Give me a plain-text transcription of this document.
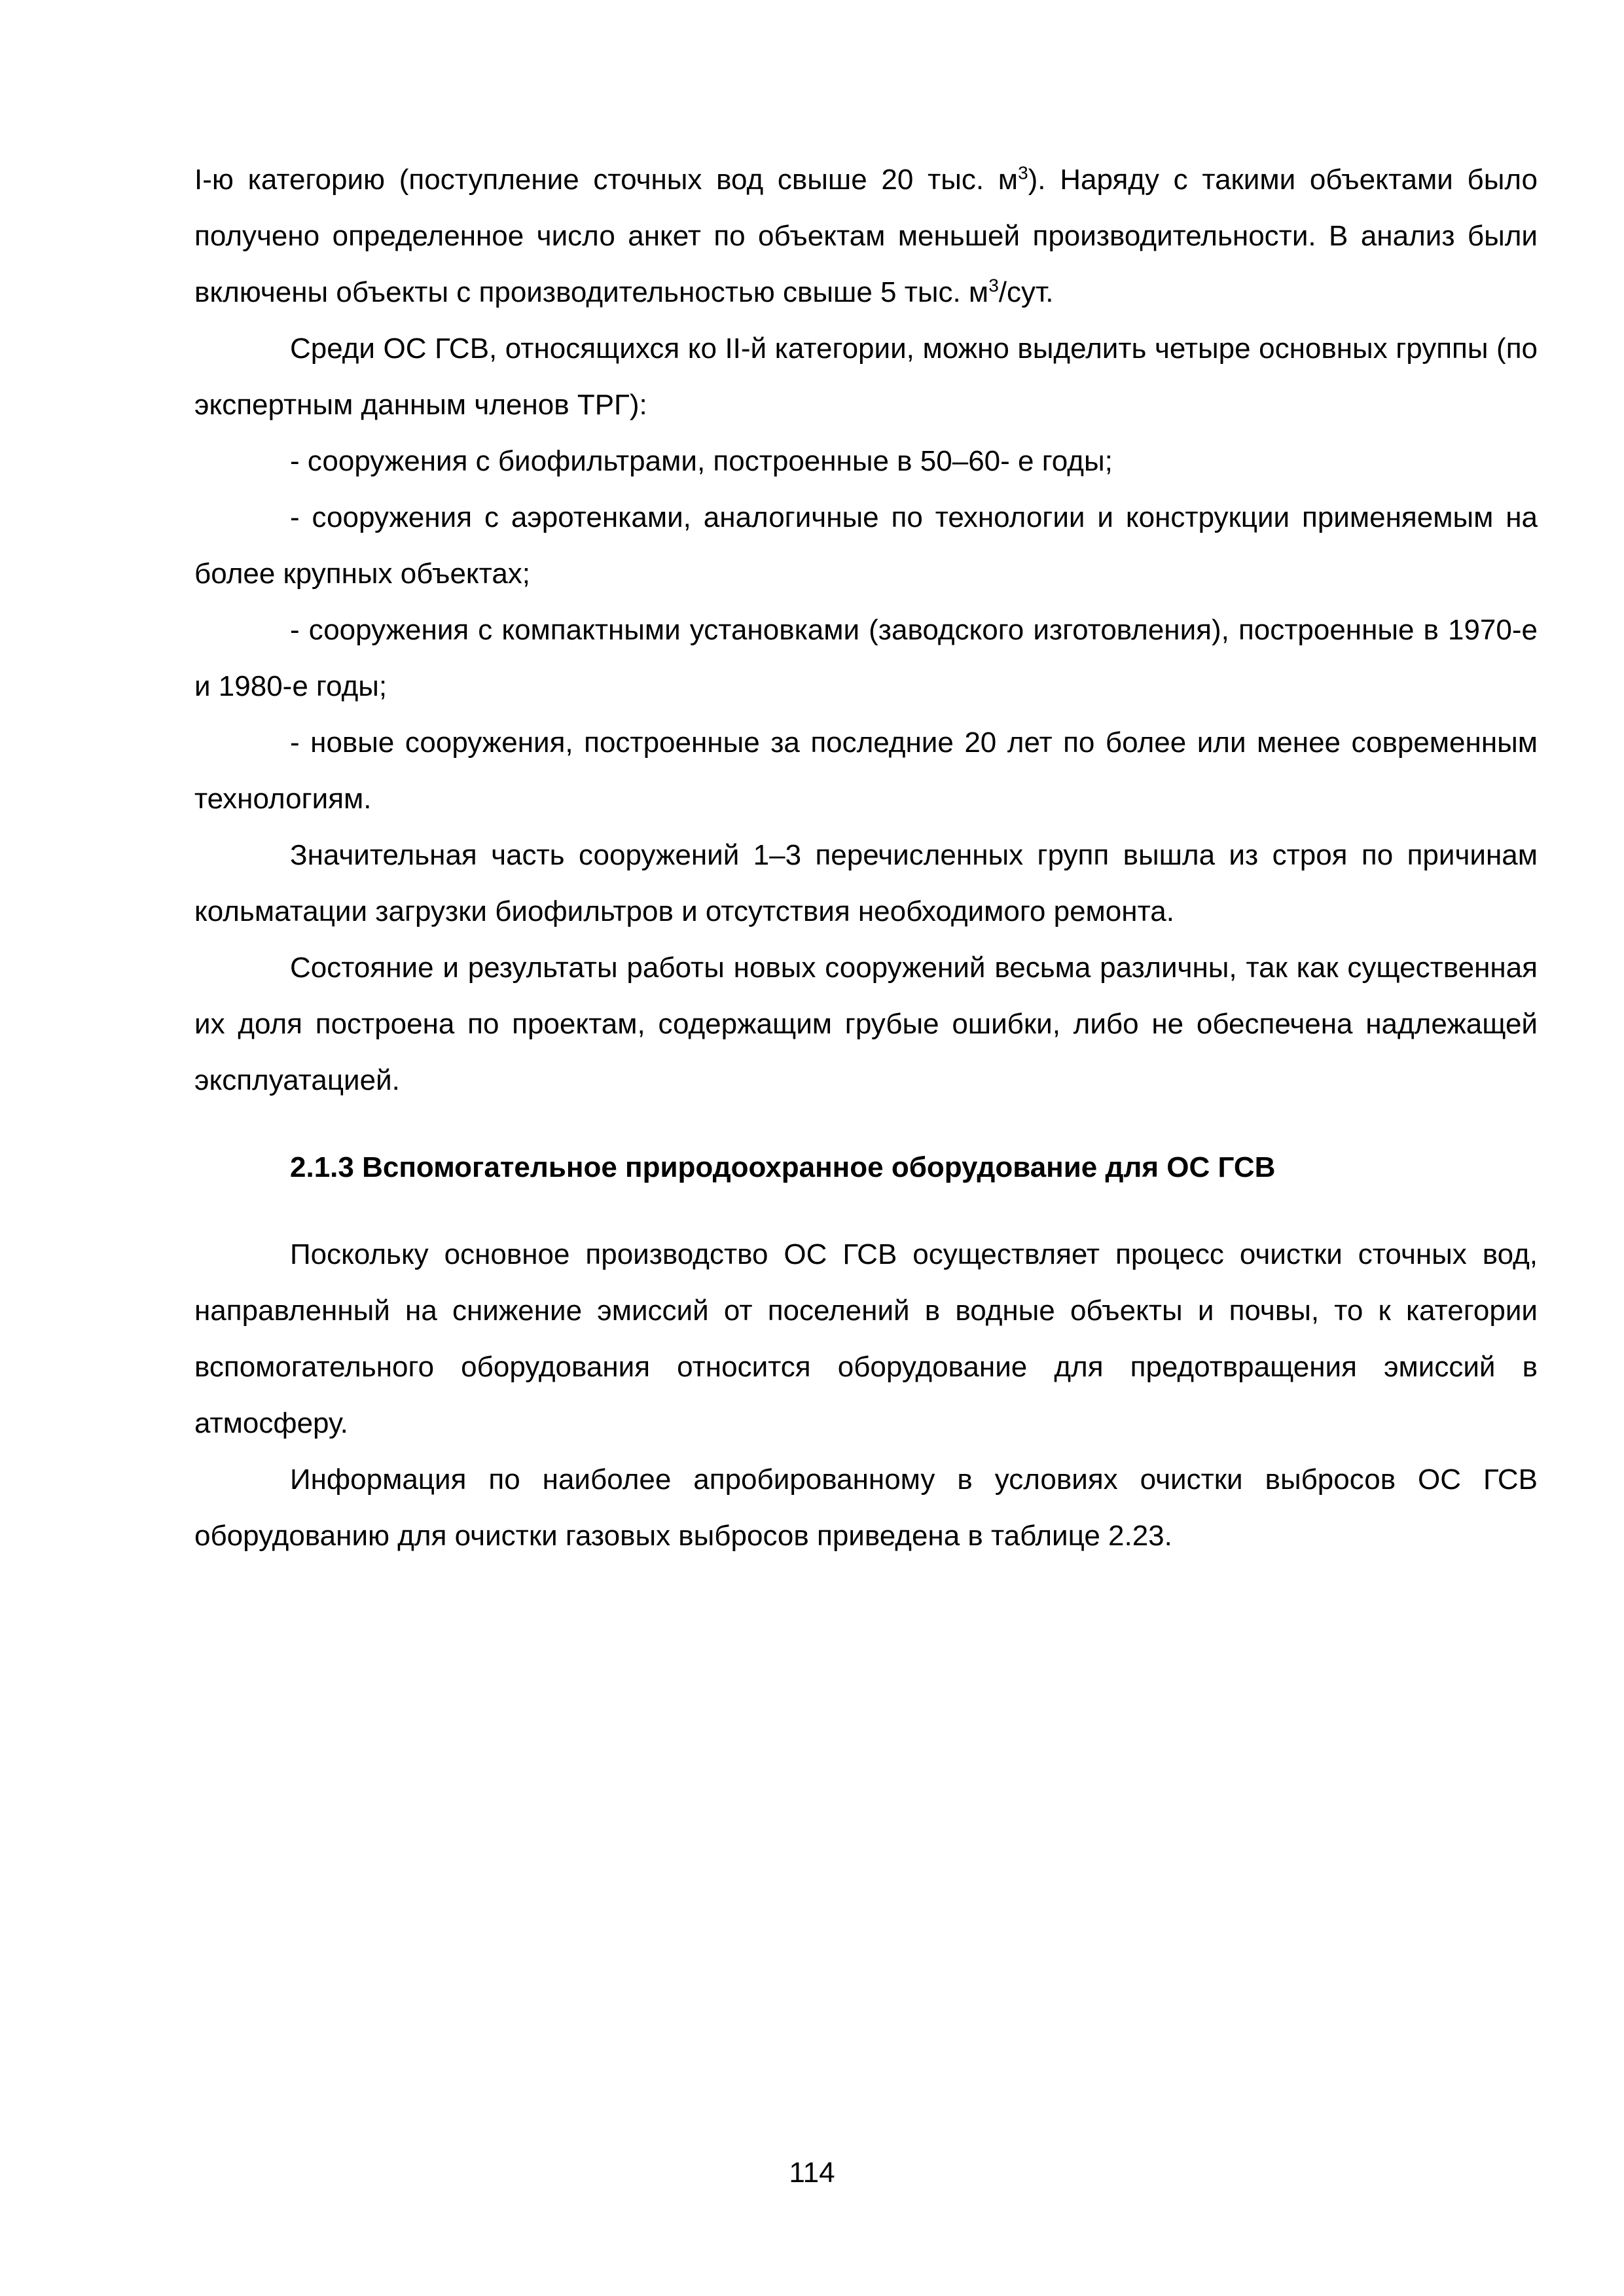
I-ю категорию (поступление сточных вод свыше 20 тыс. $м^3$). Наряду с такими объектами было получено определенное число анкет по объектам меньшей производительности. В анализ были включены объекты с производительностью свыше 5 тыс. $м^3$/сут.

Среди ОС ГСВ, относящихся ко II-й категории, можно выделить четыре основных группы (по экспертным данным членов ТРГ):

- сооружения с биофильтрами, построенные в 50–60- е годы;

- сооружения с аэротенками, аналогичные по технологии и конструкции применяемым на более крупных объектах;

- сооружения с компактными установками (заводского изготовления), построенные в 1970-е и 1980-е годы;

- новые сооружения, построенные за последние 20 лет по более или менее современным технологиям.

Значительная часть сооружений 1–3 перечисленных групп вышла из строя по причинам кольматации загрузки биофильтров и отсутствия необходимого ремонта.

Состояние и результаты работы новых сооружений весьма различны, так как существенная их доля построена по проектам, содержащим грубые ошибки, либо не обеспечена надлежащей эксплуатацией.

2.1.3 Вспомогательное природоохранное оборудование для ОС ГСВ

Поскольку основное производство ОС ГСВ осуществляет процесс очистки сточных вод, направленный на снижение эмиссий от поселений в водные объекты и почвы, то к категории вспомогательного оборудования относится оборудование для предотвращения эмиссий в атмосферу.

Информация по наиболее апробированному в условиях очистки выбросов ОС ГСВ оборудованию для очистки газовых выбросов приведена в таблице 2.23.

114
